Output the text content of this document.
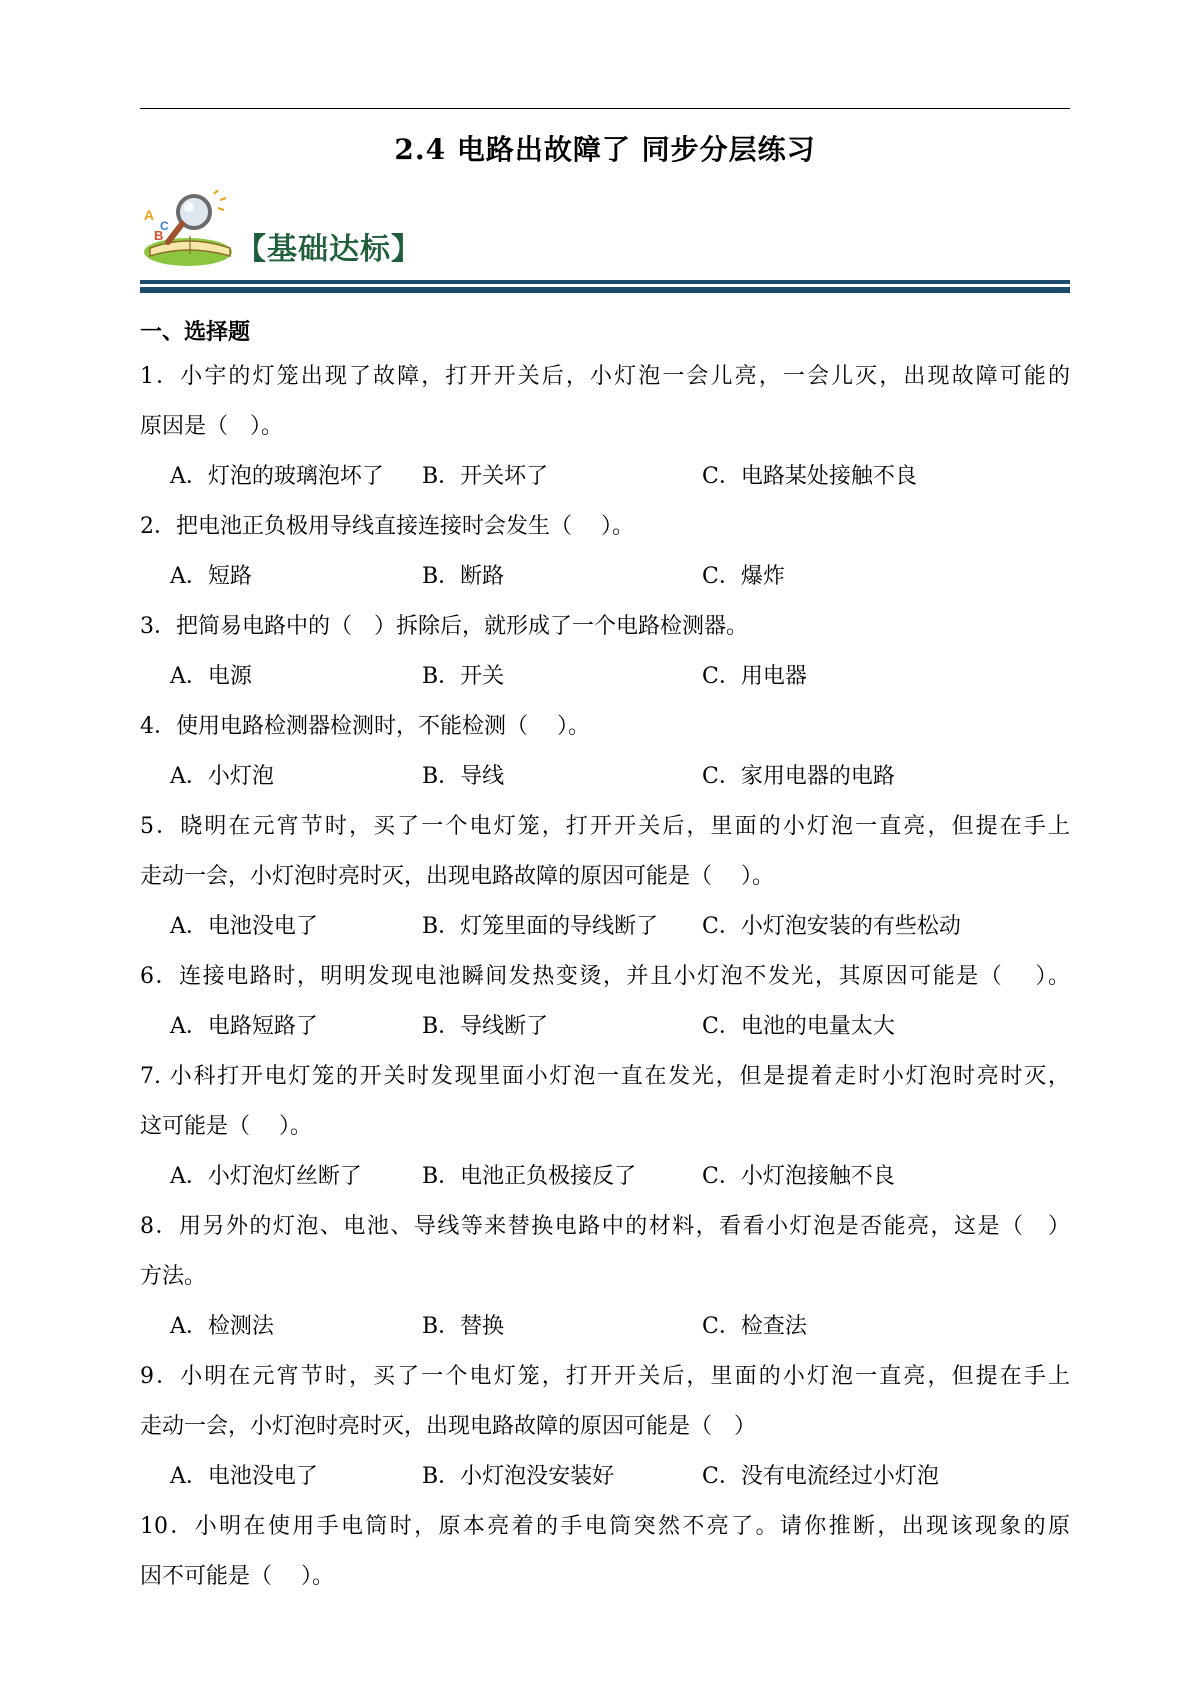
2.4 电路出故障了 同步分层练习
A
B
C
【基础达标】
一、选择题
1．小宇的灯笼出现了故障，打开开关后，小灯泡一会儿亮，一会儿灭，出现故障可能的
原因是（　）。
A．灯泡的玻璃泡坏了 B．开关坏了	C．电路某处接触不良
2．把电池正负极用导线直接连接时会发生（　 ）。
A．短路	B．断路	C．爆炸
3．把简易电路中的（　）拆除后，就形成了一个电路检测器。
A．电源	B．开关	C．用电器
4．使用电路检测器检测时，不能检测（　 ）。
A．小灯泡	B．导线	C．家用电器的电路
5．晓明在元宵节时，买了一个电灯笼，打开开关后，里面的小灯泡一直亮，但提在手上
走动一会，小灯泡时亮时灭，出现电路故障的原因可能是（　 ）。
A．电池没电了	B．灯笼里面的导线断了 C．小灯泡安装的有些松动
6．连接电路时，明明发现电池瞬间发热变烫，并且小灯泡不发光，其原因可能是（　 ）。
A．电路短路了	B．导线断了	C．电池的电量太大
7. 小科打开电灯笼的开关时发现里面小灯泡一直在发光，但是提着走时小灯泡时亮时灭，
这可能是（　 ）。
A．小灯泡灯丝断了	B．电池正负极接反了	C．小灯泡接触不良
8．用另外的灯泡、电池、导线等来替换电路中的材料，看看小灯泡是否能亮，这是（　）
方法。
A．检测法	B．替换	C．检查法
9．小明在元宵节时，买了一个电灯笼，打开开关后，里面的小灯泡一直亮，但提在手上
走动一会，小灯泡时亮时灭，出现电路故障的原因可能是（　）
A．电池没电了	B．小灯泡没安装好	C．没有电流经过小灯泡
10．小明在使用手电筒时，原本亮着的手电筒突然不亮了。请你推断，出现该现象的原
因不可能是（　 ）。
